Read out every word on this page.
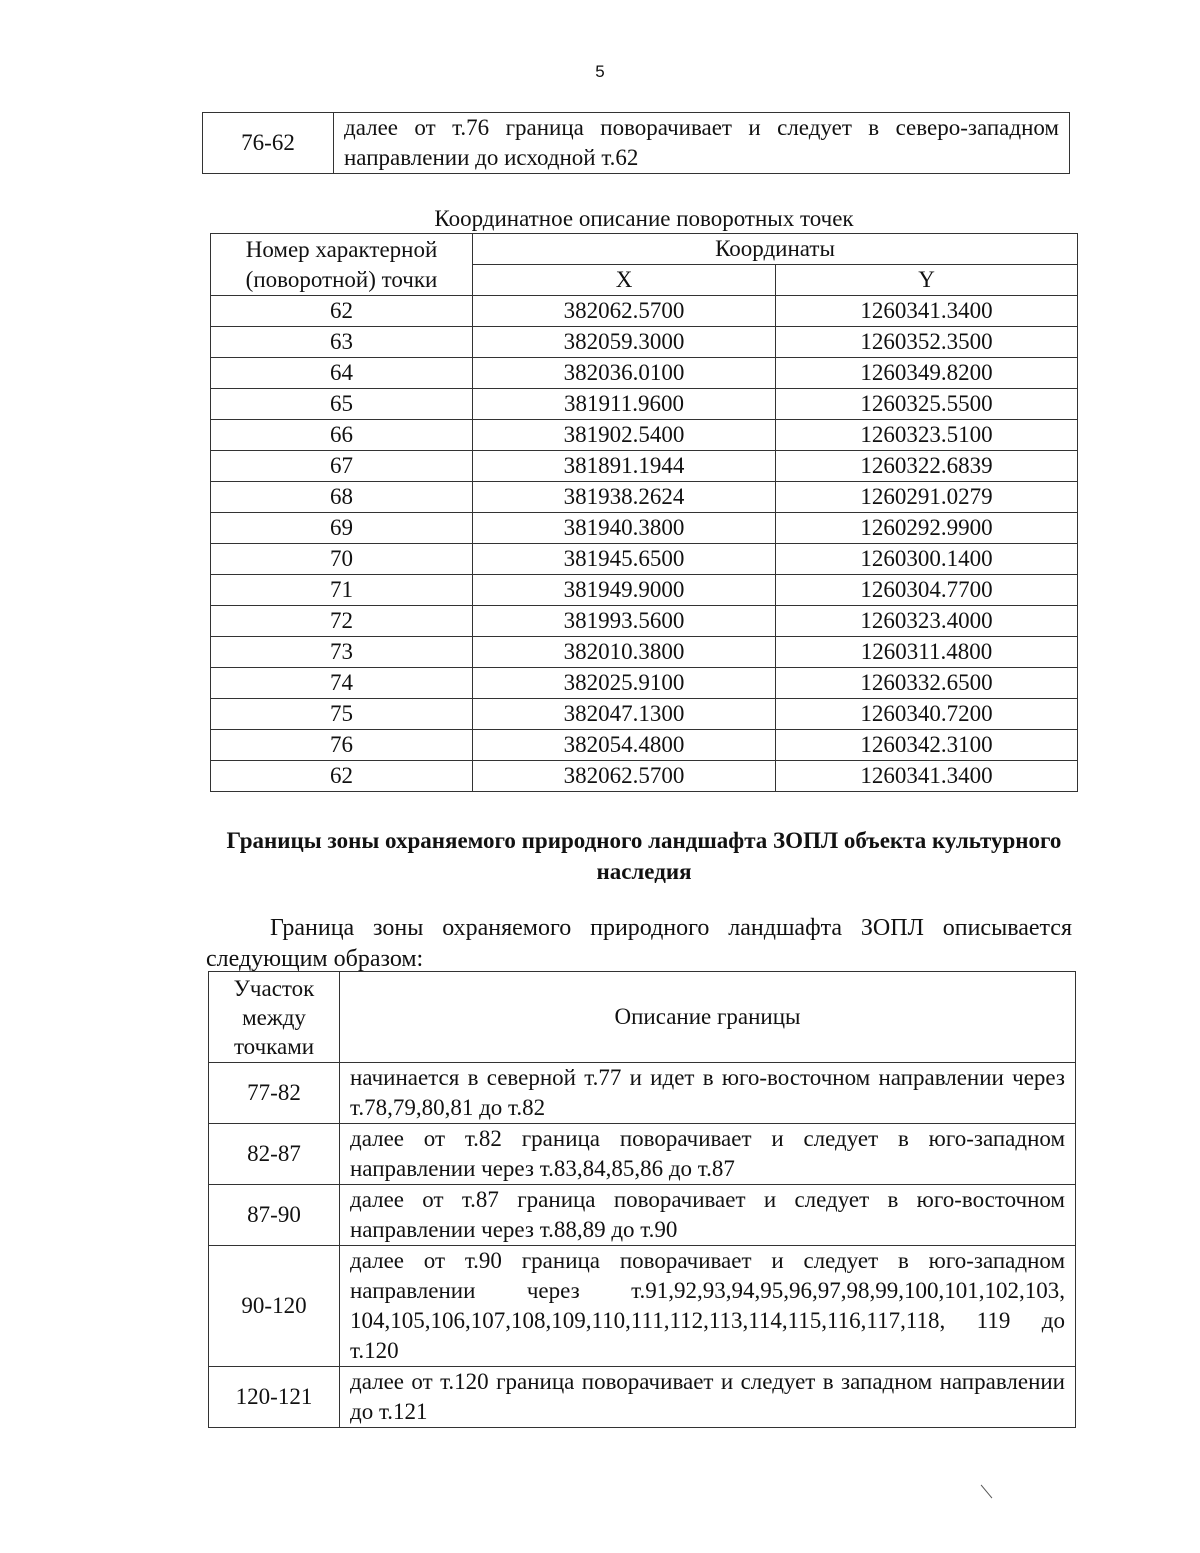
5
76-62	далее от т.76 граница поворачивает и следует в северо-западном направлении до исходной т.62
Координатное описание поворотных точек
Номер характерной (поворотной) точки	Координаты	
	X	Y
62	382062.5700	1260341.3400
63	382059.3000	1260352.3500
64	382036.0100	1260349.8200
65	381911.9600	1260325.5500
66	381902.5400	1260323.5100
67	381891.1944	1260322.6839
68	381938.2624	1260291.0279
69	381940.3800	1260292.9900
70	381945.6500	1260300.1400
71	381949.9000	1260304.7700
72	381993.5600	1260323.4000
73	382010.3800	1260311.4800
74	382025.9100	1260332.6500
75	382047.1300	1260340.7200
76	382054.4800	1260342.3100
62	382062.5700	1260341.3400
Границы зоны охраняемого природного ландшафта ЗОПЛ объекта культурного наследия

Граница зоны охраняемого природного ландшафта ЗОПЛ описывается следующим образом:

Участок между точками	Описание границы
77-82	начинается в северной т.77 и идет в юго-восточном направлении через т.78,79,80,81 до т.82
82-87	далее от т.82 граница поворачивает и следует в юго-западном направлении через т.83,84,85,86 до т.87
87-90	далее от т.87 граница поворачивает и следует в юго-восточном направлении через т.88,89 до т.90
90-120	далее от т.90 граница поворачивает и следует в юго-западном направлении через т.91,92,93,94,95,96,97,98,99,100,101,102,103, 104,105,106,107,108,109,110,111,112,113,114,115,116,117,118, 119 до т.120
120-121	далее от т.120 граница поворачивает и следует в западном направлении до т.121
